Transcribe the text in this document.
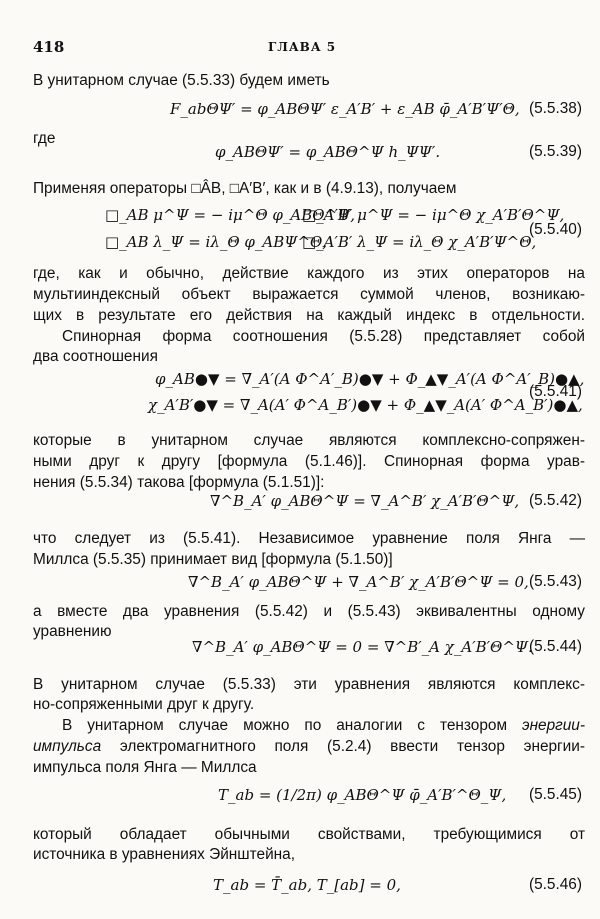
418	ГЛАВА 5
В унитарном случае (5.5.33) будем иметь
F_abΘΨ′ = φ_ABΘΨ′ ε_A′B′ + ε_AB φ̄_A′B′Ψ′Θ, (5.5.38)
где
φ_ABΘΨ′ = φ_ABΘ^Ψ h_ΨΨ′.	(5.5.39)
Применяя операторы □ÂB, □A′B′, как и в (4.9.13), получаем
□_AB μ^Ψ = − iμ^Θ φ_ABΘ^Ψ,
□_A′B′ μ^Ψ = − iμ^Θ χ_A′B′Θ^Ψ,
□_AB λ_Ψ = iλ_Θ φ_ABΨ^Θ,
□_A′B′ λ_Ψ = iλ_Θ χ_A′B′Ψ^Θ,
(5.5.40)
где, как и обычно, действие каждого из этих операторов на
мультииндексный объект выражается суммой членов, возникаю-
щих в результате его действия на каждый индекс в отдельности.
Спинорная форма соотношения (5.5.28) представляет собой
два соотношения
φ_AB●▼ = ∇_A′(A Φ^A′_B)●▼ + Φ_▲▼_A′(A Φ^A′_B)●▲,
χ_A′B′●▼ = ∇_A(A′ Φ^A_B′)●▼ + Φ_▲▼_A(A′ Φ^A_B′)●▲,
(5.5.41)
которые в унитарном случае являются комплексно-сопряжен-
ными друг к другу [формула (5.1.46)]. Спинорная форма урав-
нения (5.5.34) такова [формула (5.1.51)]:
∇^B_A′ φ_ABΘ^Ψ = ∇_A^B′ χ_A′B′Θ^Ψ, (5.5.42)
что следует из (5.5.41). Независимое уравнение поля Янга —
Миллса (5.5.35) принимает вид [формула (5.1.50)]
∇^B_A′ φ_ABΘ^Ψ + ∇_A^B′ χ_A′B′Θ^Ψ = 0, (5.5.43)
а вместе два уравнения (5.5.42) и (5.5.43) эквивалентны одному
уравнению
∇^B_A′ φ_ABΘ^Ψ = 0 = ∇^B′_A χ_A′B′Θ^Ψ.
(5.5.44)
В унитарном случае (5.5.33) эти уравнения являются комплекс-
но-сопряженными друг к другу.
В унитарном случае можно по аналогии с тензором энергии-
импульса электромагнитного поля (5.2.4) ввести тензор энергии-
импульса поля Янга — Миллса
T_ab = (1/2π) φ_ABΘ^Ψ φ̄_A′B′^Θ_Ψ, (5.5.45)
который обладает обычными свойствами, требующимися от
источника в уравнениях Эйнштейна,
T_ab = T̄_ab, T_[ab] = 0,	(5.5.46)
